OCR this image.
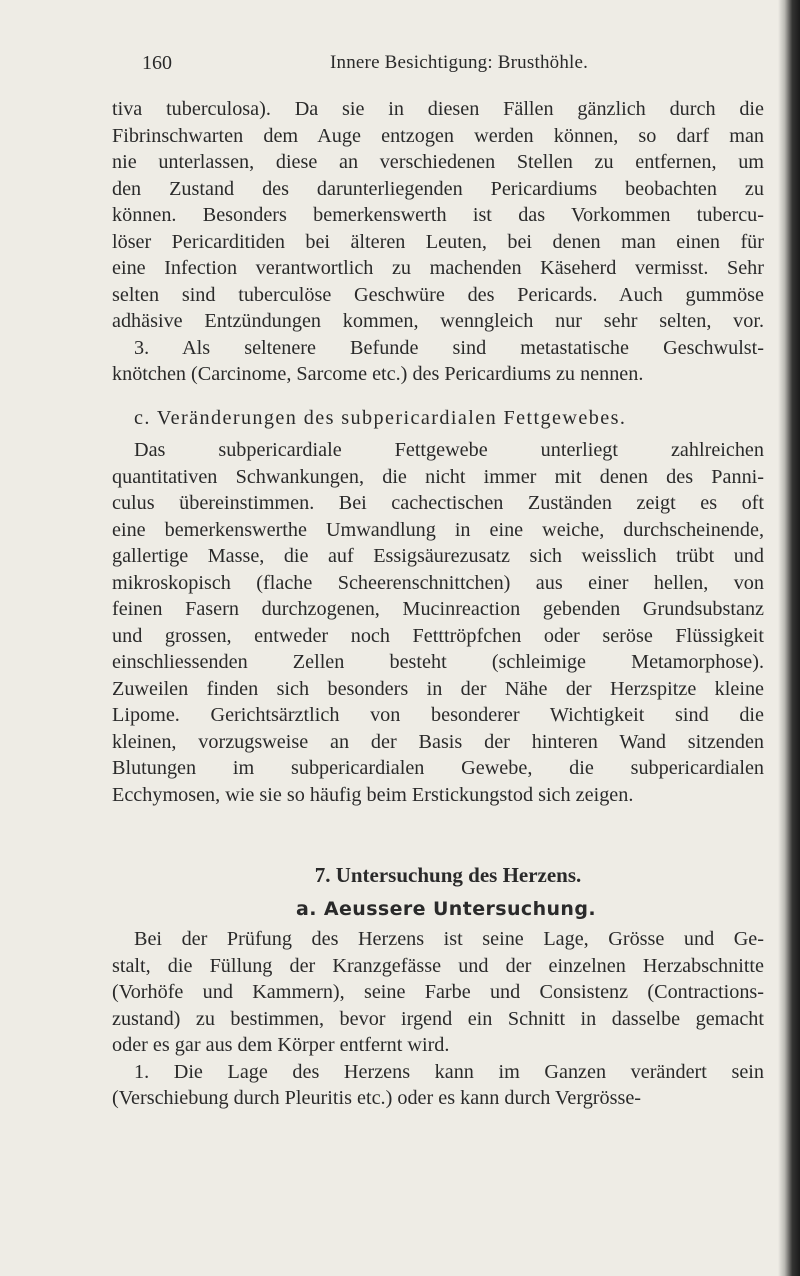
160	Innere Besichtigung: Brusthöhle.
tiva tuberculosa). Da sie in diesen Fällen gänzlich durch die
Fibrinschwarten dem Auge entzogen werden können, so darf man
nie unterlassen, diese an verschiedenen Stellen zu entfernen, um
den Zustand des darunterliegenden Pericardiums beobachten zu
können. Besonders bemerkenswerth ist das Vorkommen tubercu-
löser Pericarditiden bei älteren Leuten, bei denen man einen für
eine Infection verantwortlich zu machenden Käseherd vermisst. Sehr
selten sind tuberculöse Geschwüre des Pericards. Auch gummöse
adhäsive Entzündungen kommen, wenngleich nur sehr selten, vor.
3. Als seltenere Befunde sind metastatische Geschwulst-
knötchen (Carcinome, Sarcome etc.) des Pericardiums zu nennen.
c. Veränderungen des subpericardialen Fettgewebes.
Das subpericardiale Fettgewebe unterliegt zahlreichen
quantitativen Schwankungen, die nicht immer mit denen des Panni-
culus übereinstimmen. Bei cachectischen Zuständen zeigt es oft
eine bemerkenswerthe Umwandlung in eine weiche, durchscheinende,
gallertige Masse, die auf Essigsäurezusatz sich weisslich trübt und
mikroskopisch (flache Scheerenschnittchen) aus einer hellen, von
feinen Fasern durchzogenen, Mucinreaction gebenden Grundsubstanz
und grossen, entweder noch Fetttröpfchen oder seröse Flüssigkeit
einschliessenden Zellen besteht (schleimige Metamorphose).
Zuweilen finden sich besonders in der Nähe der Herzspitze kleine
Lipome. Gerichtsärztlich von besonderer Wichtigkeit sind die
kleinen, vorzugsweise an der Basis der hinteren Wand sitzenden
Blutungen im subpericardialen Gewebe, die subpericardialen
Ecchymosen, wie sie so häufig beim Erstickungstod sich zeigen.
7. Untersuchung des Herzens.
a. Aeussere Untersuchung.
Bei der Prüfung des Herzens ist seine Lage, Grösse und Ge-
stalt, die Füllung der Kranzgefässe und der einzelnen Herzabschnitte
(Vorhöfe und Kammern), seine Farbe und Consistenz (Contractions-
zustand) zu bestimmen, bevor irgend ein Schnitt in dasselbe gemacht
oder es gar aus dem Körper entfernt wird.
1. Die Lage des Herzens kann im Ganzen verändert sein
(Verschiebung durch Pleuritis etc.) oder es kann durch Vergrösse-
